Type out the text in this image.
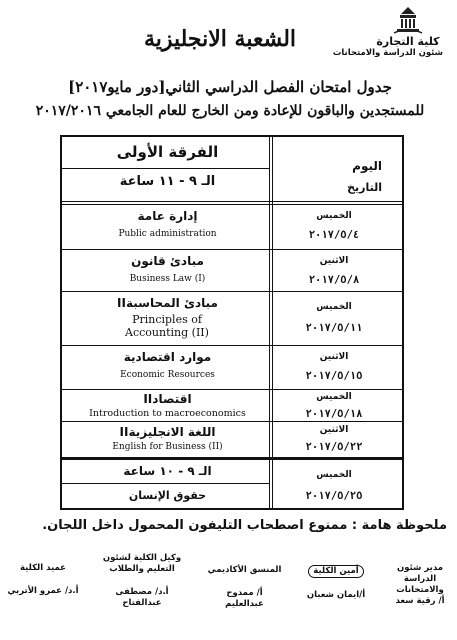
كلية التجارة
شئون الدراسة والامتحانات
الشعبة الانجليزية
جدول امتحان الفصل الدراسي الثاني[دور مايو٢٠١٧]
للمستجدين والباقون للإعادة ومن الخارج للعام الجامعي ٢٠١٧/٢٠١٦
اليوم
التاريخ
الفرقة الأولى
الـ ٩ - ١١ ساعة
الخميس
٢٠١٧/٥/٤
إدارة عامة
Public administration
الاثنين
٢٠١٧/٥/٨
مبادئ قانون
Business Law (I)
الخميس
٢٠١٧/٥/١١
مبادئ المحاسبةII
Principles of Accounting (II)
الاثنين
٢٠١٧/٥/١٥
موارد اقتصادية
Economic Resources
الخميس
٢٠١٧/٥/١٨
اقتصادII
Introduction to macroeconomics
الاثنين
٢٠١٧/٥/٢٢
اللغة الانجليزيةII
English for Business (II)
الخميس
٢٠١٧/٥/٢٥
الـ ٩ - ١٠ ساعة
حقوق الإنسان
ملحوظة هامة : ممنوع اصطحاب التليفون المحمول داخل اللجان.
مدير شئون الدراسة والامتحانات
أ/ رقية سعد
أمين الكلية
أ/ايمان شعبان
المنسق الأكاديمي
أ/ ممدوح عبدالعليم
وكيل الكلية لشئون التعليم والطلاب
أ.د/ مصطفى عبدالفتاح
عميد الكلية
أ.د/ عمرو الأتربي
